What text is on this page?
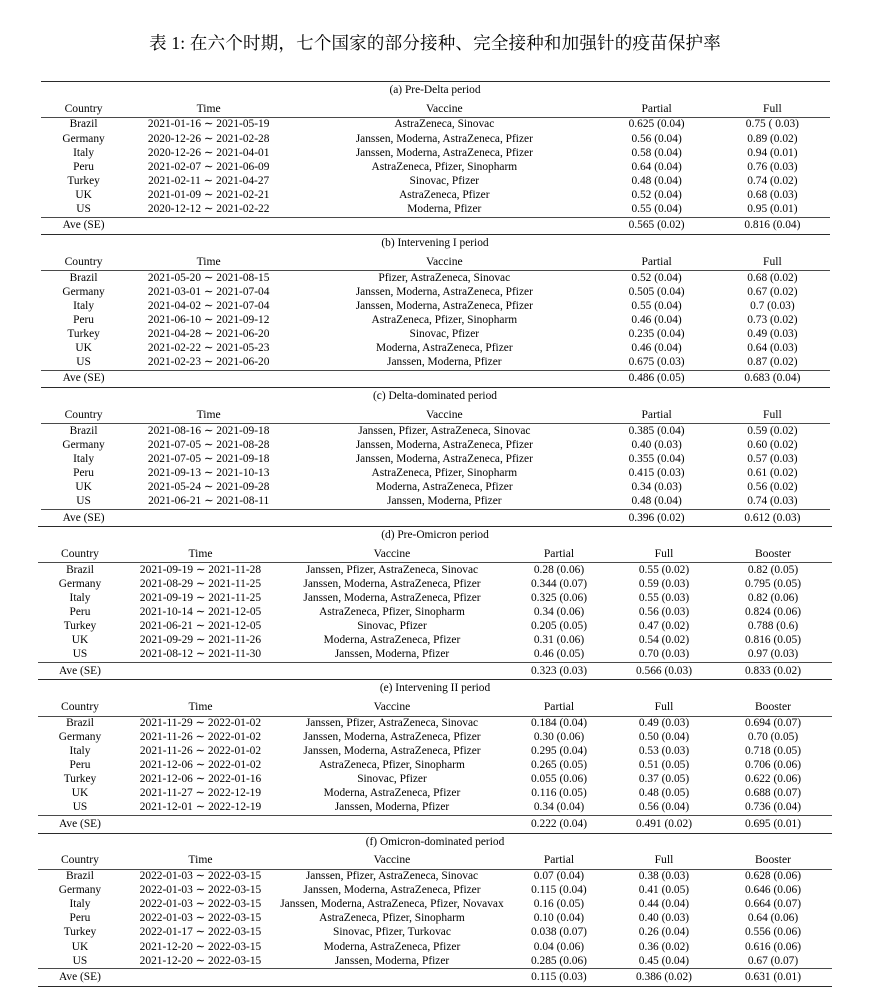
表 1: 在六个时期，七个国家的部分接种、完全接种和加强针的疫苗保护率
(a) Pre-Delta period				
Country	Time	Vaccine	Partial	Full
Brazil	2021-01-16 ∼ 2021-05-19	AstraZeneca, Sinovac	0.625 (0.04)	0.75 ( 0.03)
Germany	2020-12-26 ∼ 2021-02-28	Janssen, Moderna, AstraZeneca, Pfizer	0.56 (0.04)	0.89 (0.02)
Italy	2020-12-26 ∼ 2021-04-01	Janssen, Moderna, AstraZeneca, Pfizer	0.58 (0.04)	0.94 (0.01)
Peru	2021-02-07 ∼ 2021-06-09	AstraZeneca, Pfizer, Sinopharm	0.64 (0.04)	0.76 (0.03)
Turkey	2021-02-11 ∼ 2021-04-27	Sinovac, Pfizer	0.48 (0.04)	0.74 (0.02)
UK	2021-01-09 ∼ 2021-02-21	AstraZeneca, Pfizer	0.52 (0.04)	0.68 (0.03)
US	2020-12-12 ∼ 2021-02-22	Moderna, Pfizer	0.55 (0.04)	0.95 (0.01)
Ave (SE)			0.565 (0.02)	0.816 (0.04)
(b) Intervening I period				
Country	Time	Vaccine	Partial	Full
Brazil	2021-05-20 ∼ 2021-08-15	Pfizer, AstraZeneca, Sinovac	0.52 (0.04)	0.68 (0.02)
Germany	2021-03-01 ∼ 2021-07-04	Janssen, Moderna, AstraZeneca, Pfizer	0.505 (0.04)	0.67 (0.02)
Italy	2021-04-02 ∼ 2021-07-04	Janssen, Moderna, AstraZeneca, Pfizer	0.55 (0.04)	0.7 (0.03)
Peru	2021-06-10 ∼ 2021-09-12	AstraZeneca, Pfizer, Sinopharm	0.46 (0.04)	0.73 (0.02)
Turkey	2021-04-28 ∼ 2021-06-20	Sinovac, Pfizer	0.235 (0.04)	0.49 (0.03)
UK	2021-02-22 ∼ 2021-05-23	Moderna, AstraZeneca, Pfizer	0.46 (0.04)	0.64 (0.03)
US	2021-02-23 ∼ 2021-06-20	Janssen, Moderna, Pfizer	0.675 (0.03)	0.87 (0.02)
Ave (SE)			0.486 (0.05)	0.683 (0.04)
(c) Delta-dominated period				
Country	Time	Vaccine	Partial	Full
Brazil	2021-08-16 ∼ 2021-09-18	Janssen, Pfizer, AstraZeneca, Sinovac	0.385 (0.04)	0.59 (0.02)
Germany	2021-07-05 ∼ 2021-08-28	Janssen, Moderna, AstraZeneca, Pfizer	0.40 (0.03)	0.60 (0.02)
Italy	2021-07-05 ∼ 2021-09-18	Janssen, Moderna, AstraZeneca, Pfizer	0.355 (0.04)	0.57 (0.03)
Peru	2021-09-13 ∼ 2021-10-13	AstraZeneca, Pfizer, Sinopharm	0.415 (0.03)	0.61 (0.02)
UK	2021-05-24 ∼ 2021-09-28	Moderna, AstraZeneca, Pfizer	0.34 (0.03)	0.56 (0.02)
US	2021-06-21 ∼ 2021-08-11	Janssen, Moderna, Pfizer	0.48 (0.04)	0.74 (0.03)
Ave (SE)			0.396 (0.02)	0.612 (0.03)
(d) Pre-Omicron period					
Country	Time	Vaccine	Partial	Full	Booster
Brazil	2021-09-19 ∼ 2021-11-28	Janssen, Pfizer, AstraZeneca, Sinovac	0.28 (0.06)	0.55 (0.02)	0.82 (0.05)
Germany	2021-08-29 ∼ 2021-11-25	Janssen, Moderna, AstraZeneca, Pfizer	0.344 (0.07)	0.59 (0.03)	0.795 (0.05)
Italy	2021-09-19 ∼ 2021-11-25	Janssen, Moderna, AstraZeneca, Pfizer	0.325 (0.06)	0.55 (0.03)	0.82 (0.06)
Peru	2021-10-14 ∼ 2021-12-05	AstraZeneca, Pfizer, Sinopharm	0.34 (0.06)	0.56 (0.03)	0.824 (0.06)
Turkey	2021-06-21 ∼ 2021-12-05	Sinovac, Pfizer	0.205 (0.05)	0.47 (0.02)	0.788 (0.6)
UK	2021-09-29 ∼ 2021-11-26	Moderna, AstraZeneca, Pfizer	0.31 (0.06)	0.54 (0.02)	0.816 (0.05)
US	2021-08-12 ∼ 2021-11-30	Janssen, Moderna, Pfizer	0.46 (0.05)	0.70 (0.03)	0.97 (0.03)
Ave (SE)			0.323 (0.03)	0.566 (0.03)	0.833 (0.02)
(e) Intervening II period					
Country	Time	Vaccine	Partial	Full	Booster
Brazil	2021-11-29 ∼ 2022-01-02	Janssen, Pfizer, AstraZeneca, Sinovac	0.184 (0.04)	0.49 (0.03)	0.694 (0.07)
Germany	2021-11-26 ∼ 2022-01-02	Janssen, Moderna, AstraZeneca, Pfizer	0.30 (0.06)	0.50 (0.04)	0.70 (0.05)
Italy	2021-11-26 ∼ 2022-01-02	Janssen, Moderna, AstraZeneca, Pfizer	0.295 (0.04)	0.53 (0.03)	0.718 (0.05)
Peru	2021-12-06 ∼ 2022-01-02	AstraZeneca, Pfizer, Sinopharm	0.265 (0.05)	0.51 (0.05)	0.706 (0.06)
Turkey	2021-12-06 ∼ 2022-01-16	Sinovac, Pfizer	0.055 (0.06)	0.37 (0.05)	0.622 (0.06)
UK	2021-11-27 ∼ 2022-12-19	Moderna, AstraZeneca, Pfizer	0.116 (0.05)	0.48 (0.05)	0.688 (0.07)
US	2021-12-01 ∼ 2022-12-19	Janssen, Moderna, Pfizer	0.34 (0.04)	0.56 (0.04)	0.736 (0.04)
Ave (SE)			0.222 (0.04)	0.491 (0.02)	0.695 (0.01)
(f) Omicron-dominated period					
Country	Time	Vaccine	Partial	Full	Booster
Brazil	2022-01-03 ∼ 2022-03-15	Janssen, Pfizer, AstraZeneca, Sinovac	0.07 (0.04)	0.38 (0.03)	0.628 (0.06)
Germany	2022-01-03 ∼ 2022-03-15	Janssen, Moderna, AstraZeneca, Pfizer	0.115 (0.04)	0.41 (0.05)	0.646 (0.06)
Italy	2022-01-03 ∼ 2022-03-15	Janssen, Moderna, AstraZeneca, Pfizer, Novavax	0.16 (0.05)	0.44 (0.04)	0.664 (0.07)
Peru	2022-01-03 ∼ 2022-03-15	AstraZeneca, Pfizer, Sinopharm	0.10 (0.04)	0.40 (0.03)	0.64 (0.06)
Turkey	2022-01-17 ∼ 2022-03-15	Sinovac, Pfizer, Turkovac	0.038 (0.07)	0.26 (0.04)	0.556 (0.06)
UK	2021-12-20 ∼ 2022-03-15	Moderna, AstraZeneca, Pfizer	0.04 (0.06)	0.36 (0.02)	0.616 (0.06)
US	2021-12-20 ∼ 2022-03-15	Janssen, Moderna, Pfizer	0.285 (0.06)	0.45 (0.04)	0.67 (0.07)
Ave (SE)			0.115 (0.03)	0.386 (0.02)	0.631 (0.01)
